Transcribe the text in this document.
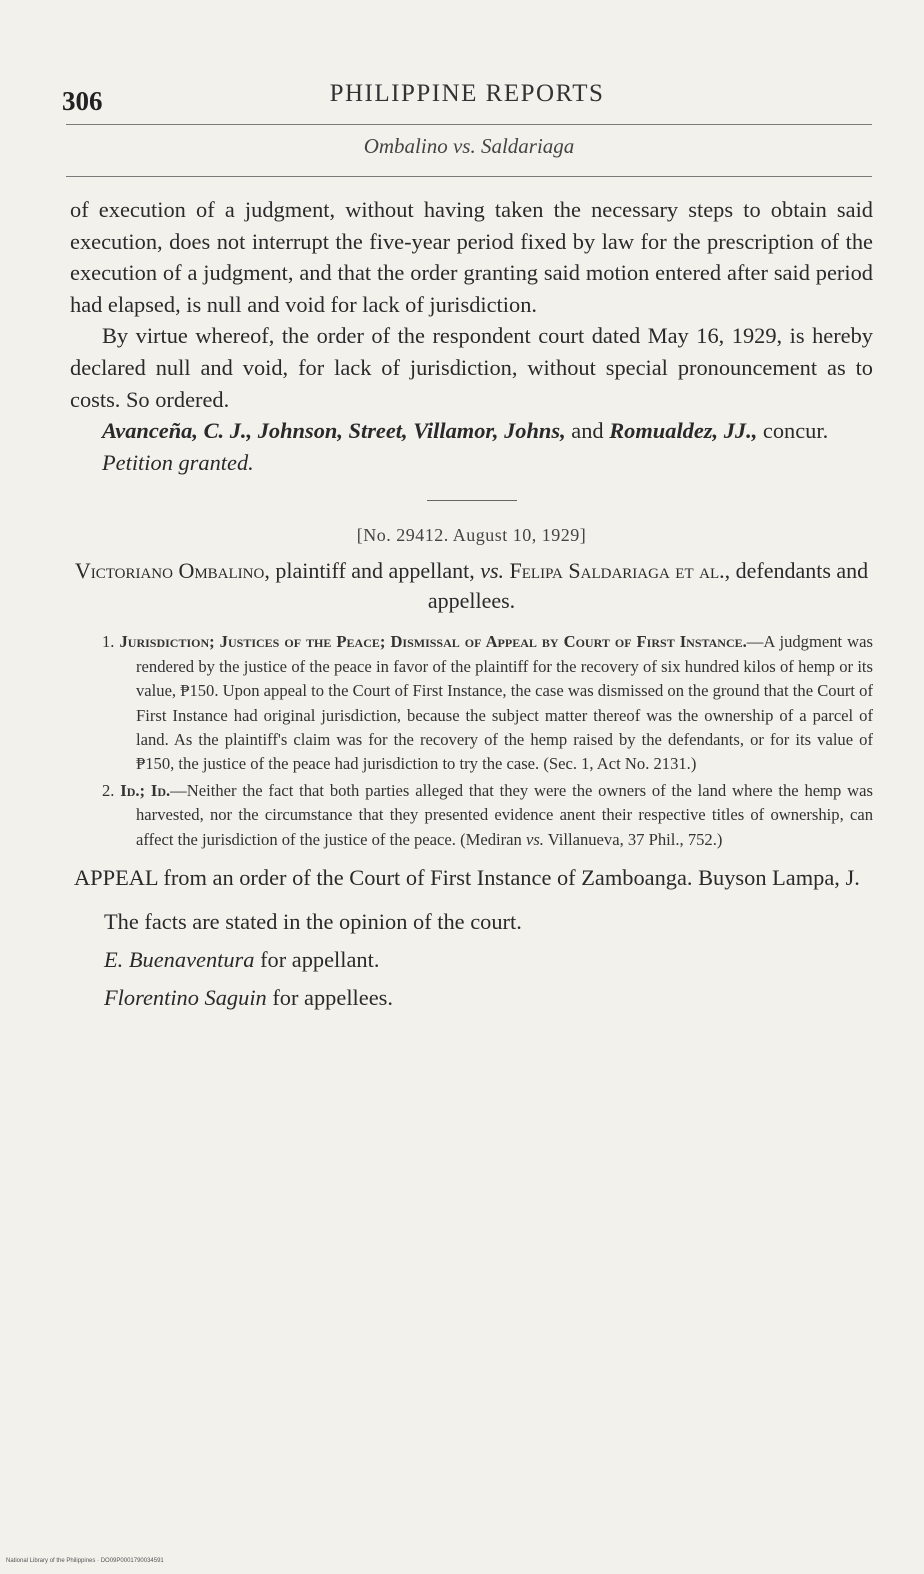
PHILIPPINE REPORTS
306
Ombalino vs. Saldariaga

of execution of a judgment, without having taken the necessary steps to obtain said execution, does not interrupt the five-year period fixed by law for the prescription of the execution of a judgment, and that the order granting said motion entered after said period had elapsed, is null and void for lack of jurisdiction.

By virtue whereof, the order of the respondent court dated May 16, 1929, is hereby declared null and void, for lack of jurisdiction, without special pronouncement as to costs. So ordered.

Avanceña, C. J., Johnson, Street, Villamor, Johns, and Romualdez, JJ., concur.

Petition granted.

[No. 29412. August 10, 1929]

Victoriano Ombalino, plaintiff and appellant, vs. Felipa Saldariaga et al., defendants and appellees.

1. Jurisdiction; Justices of the Peace; Dismissal of Appeal by Court of First Instance.—A judgment was rendered by the justice of the peace in favor of the plaintiff for the recovery of six hundred kilos of hemp or its value, ₱150. Upon appeal to the Court of First Instance, the case was dismissed on the ground that the Court of First Instance had original jurisdiction, because the subject matter thereof was the ownership of a parcel of land. As the plaintiff's claim was for the recovery of the hemp raised by the defendants, or for its value of ₱150, the justice of the peace had jurisdiction to try the case. (Sec. 1, Act No. 2131.)

2. Id.; Id.—Neither the fact that both parties alleged that they were the owners of the land where the hemp was harvested, nor the circumstance that they presented evidence anent their respective titles of ownership, can affect the jurisdiction of the justice of the peace. (Mediran vs. Villanueva, 37 Phil., 752.)

APPEAL from an order of the Court of First Instance of Zamboanga. Buyson Lampa, J.

The facts are stated in the opinion of the court.

E. Buenaventura for appellant.

Florentino Saguin for appellees.

National Library of the Philippines · DO09P0001790034591
